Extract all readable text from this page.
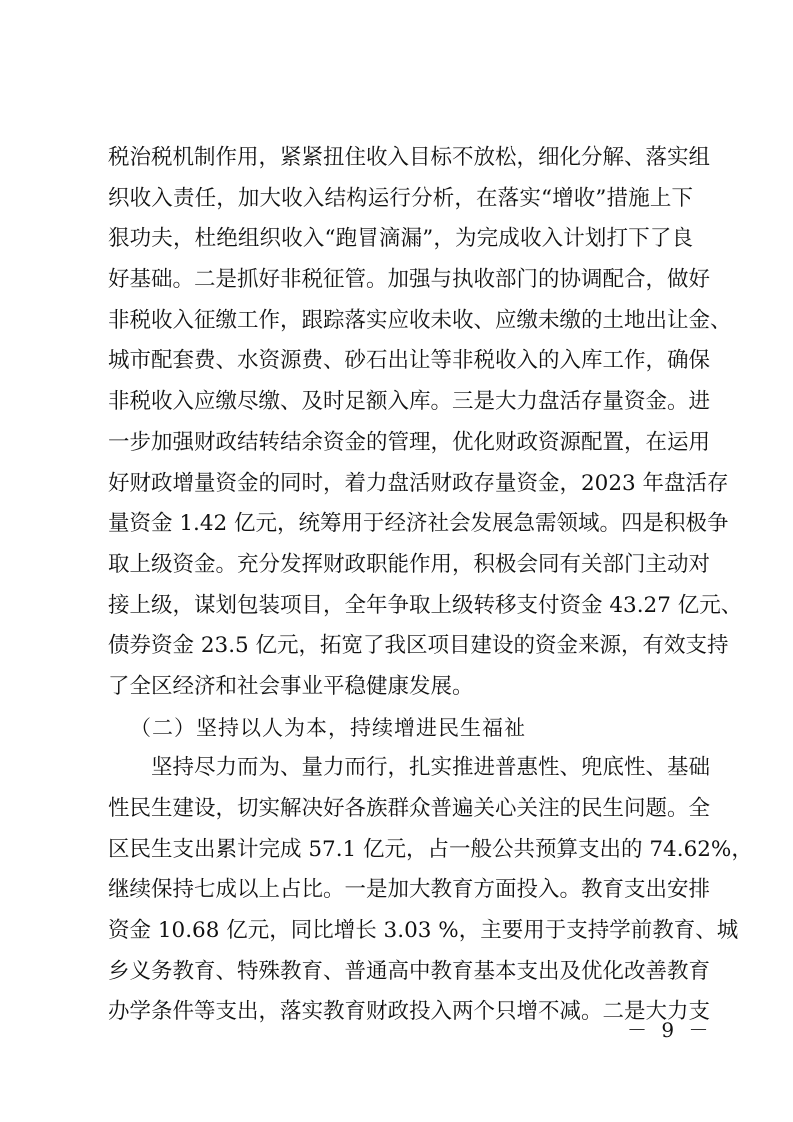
税治税机制作用，紧紧扭住收入目标不放松，细化分解、落实组
织收入责任，加大收入结构运行分析，在落实“增收”措施上下
狠功夫，杜绝组织收入“跑冒滴漏”，为完成收入计划打下了良
好基础。二是抓好非税征管。加强与执收部门的协调配合，做好
非税收入征缴工作，跟踪落实应收未收、应缴未缴的土地出让金、
城市配套费、水资源费、砂石出让等非税收入的入库工作，确保
非税收入应缴尽缴、及时足额入库。三是大力盘活存量资金。进
一步加强财政结转结余资金的管理，优化财政资源配置，在运用
好财政增量资金的同时，着力盘活财政存量资金，2023 年盘活存
量资金 1.42 亿元，统筹用于经济社会发展急需领域。四是积极争
取上级资金。充分发挥财政职能作用，积极会同有关部门主动对
接上级，谋划包装项目，全年争取上级转移支付资金 43.27 亿元、
债券资金 23.5 亿元，拓宽了我区项目建设的资金来源，有效支持
了全区经济和社会事业平稳健康发展。
（二）坚持以人为本，持续增进民生福祉
坚持尽力而为、量力而行，扎实推进普惠性、兜底性、基础
性民生建设，切实解决好各族群众普遍关心关注的民生问题。全
区民生支出累计完成 57.1 亿元，占一般公共预算支出的 74.62%，
继续保持七成以上占比。一是加大教育方面投入。教育支出安排
资金 10.68 亿元，同比增长 3.03 %，主要用于支持学前教育、城
乡义务教育、特殊教育、普通高中教育基本支出及优化改善教育
办学条件等支出，落实教育财政投入两个只增不减。二是大力支
－ 9 －
